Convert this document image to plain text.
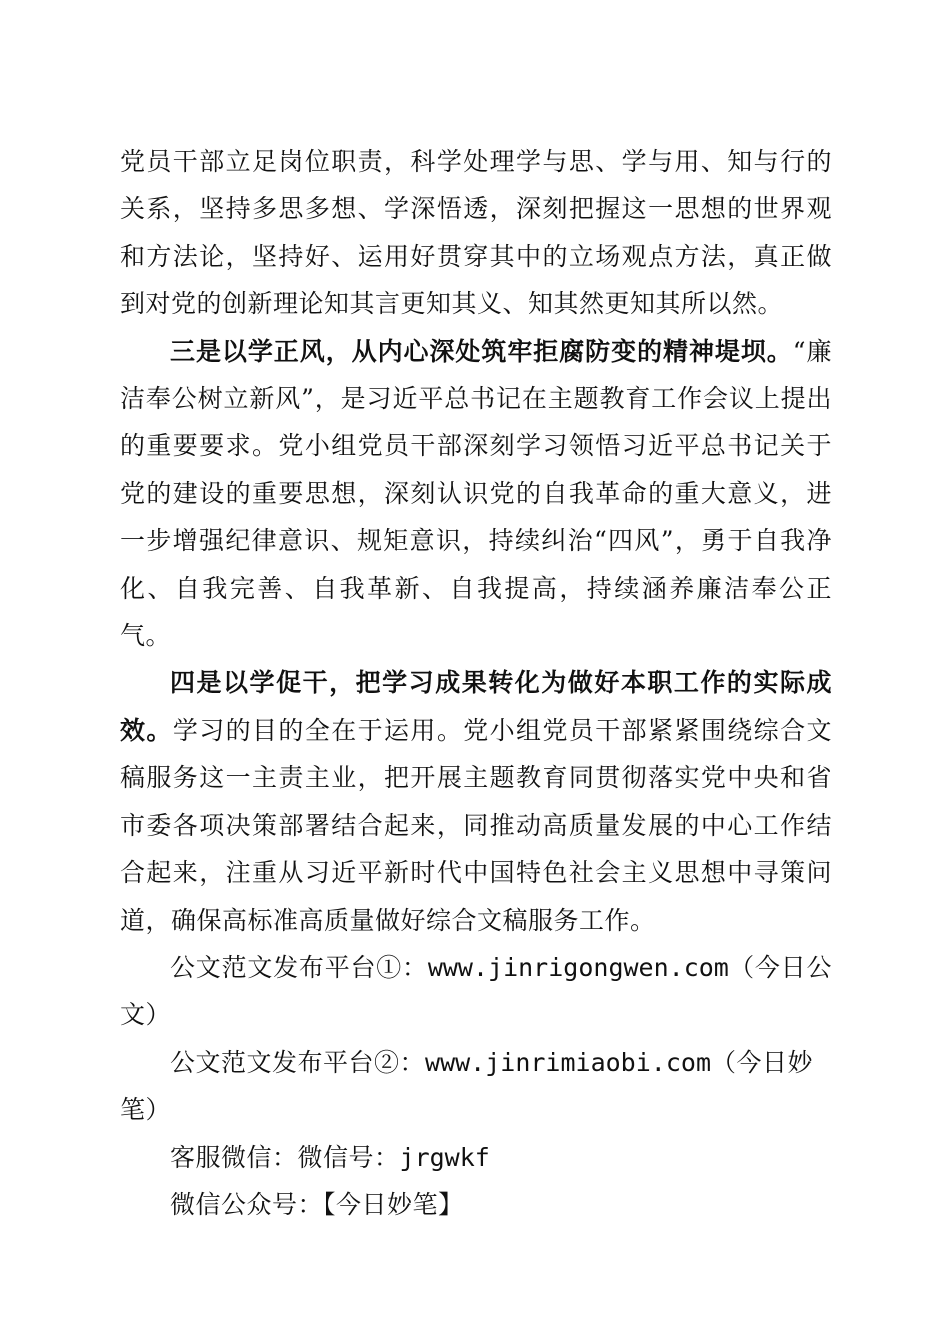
党员干部立足岗位职责，科学处理学与思、学与用、知与行的关系，坚持多思多想、学深悟透，深刻把握这一思想的世界观和方法论，坚持好、运用好贯穿其中的立场观点方法，真正做到对党的创新理论知其言更知其义、知其然更知其所以然。

三是以学正风，从内心深处筑牢拒腐防变的精神堤坝。“廉洁奉公树立新风”，是习近平总书记在主题教育工作会议上提出的重要要求。党小组党员干部深刻学习领悟习近平总书记关于党的建设的重要思想，深刻认识党的自我革命的重大意义，进一步增强纪律意识、规矩意识，持续纠治“四风”，勇于自我净化、自我完善、自我革新、自我提高，持续涵养廉洁奉公正气。

四是以学促干，把学习成果转化为做好本职工作的实际成效。学习的目的全在于运用。党小组党员干部紧紧围绕综合文稿服务这一主责主业，把开展主题教育同贯彻落实党中央和省市委各项决策部署结合起来，同推动高质量发展的中心工作结合起来，注重从习近平新时代中国特色社会主义思想中寻策问道，确保高标准高质量做好综合文稿服务工作。

公文范文发布平台①：www.jinrigongwen.com（今日公文）

公文范文发布平台②：www.jinrimiaobi.com（今日妙笔）

客服微信：微信号：jrgwkf

微信公众号：【今日妙笔】
